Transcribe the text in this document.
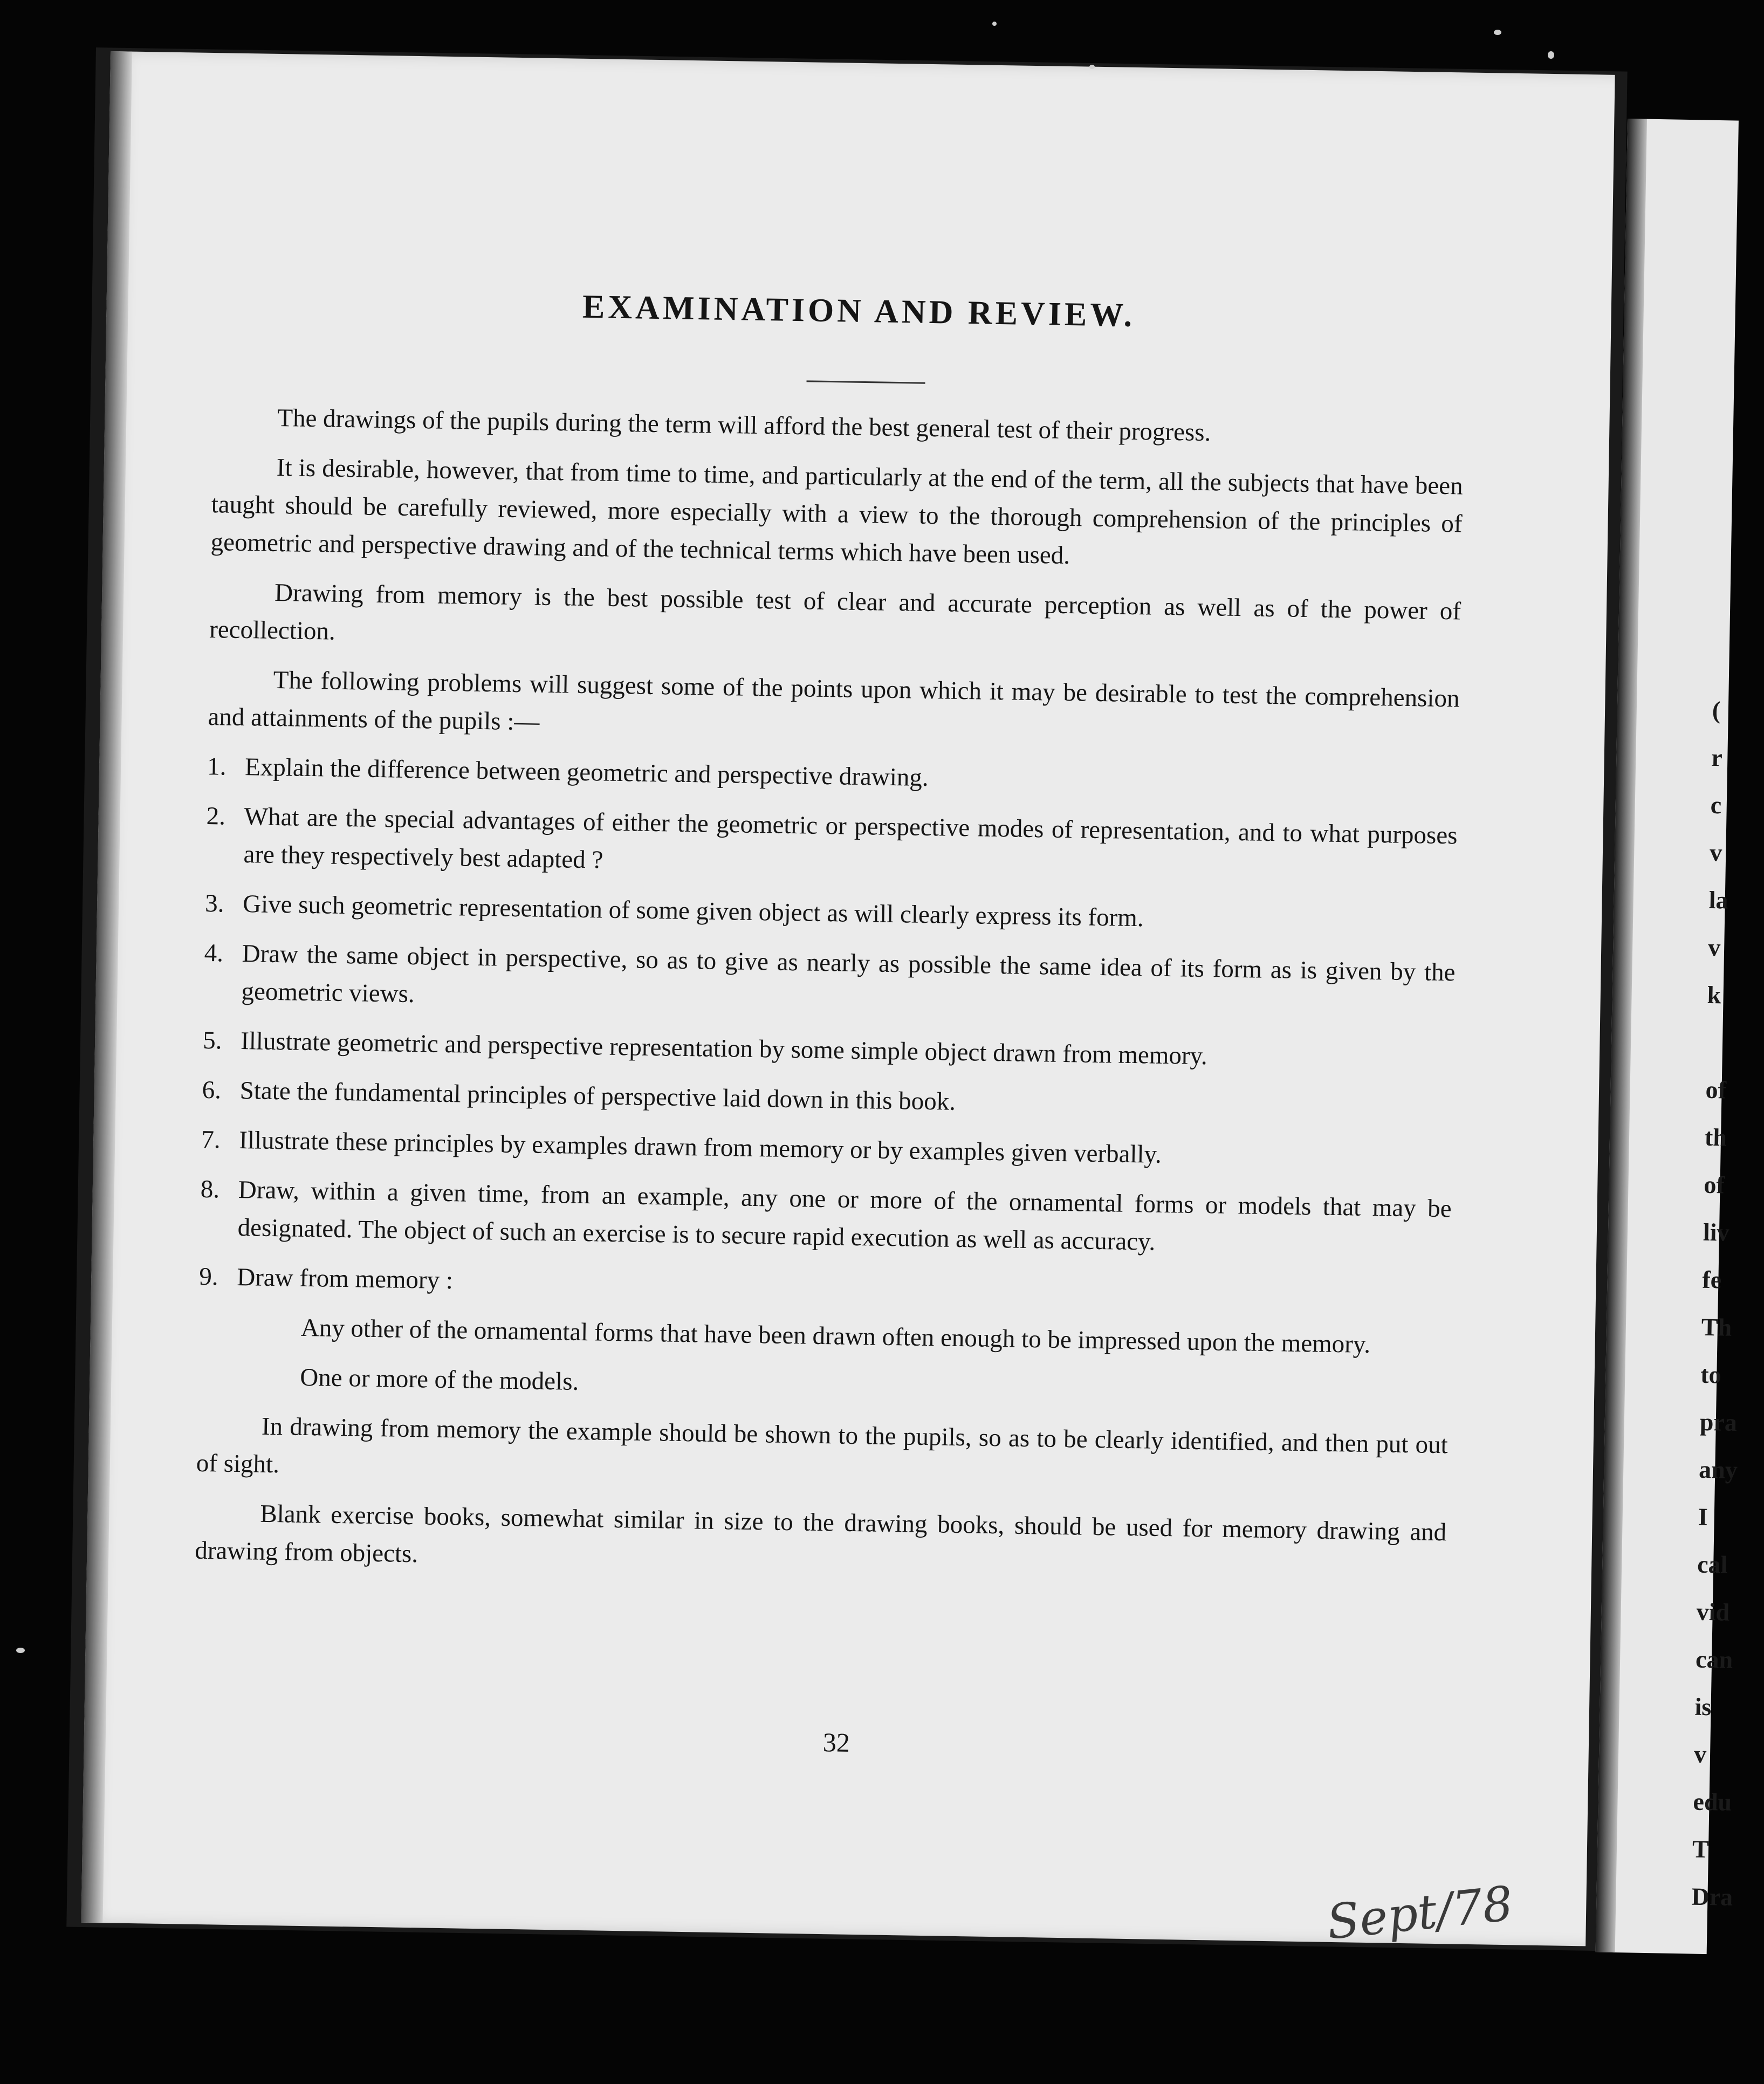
EXAMINATION AND REVIEW.

The drawings of the pupils during the term will afford the best general test of their progress.

It is desirable, however, that from time to time, and particularly at the end of the term, all the subjects that have been taught should be carefully reviewed, more especially with a view to the thorough comprehension of the principles of geometric and perspective drawing and of the technical terms which have been used.

Drawing from memory is the best possible test of clear and accurate perception as well as of the power of recollection.

The following problems will suggest some of the points upon which it may be desirable to test the comprehension and attainments of the pupils :—

1. Explain the difference between geometric and perspective drawing.
2. What are the special advantages of either the geometric or perspective modes of representation, and to what purposes are they respectively best adapted ?
3. Give such geometric representation of some given object as will clearly express its form.
4. Draw the same object in perspective, so as to give as nearly as possible the same idea of its form as is given by the geometric views.
5. Illustrate geometric and perspective representation by some simple object drawn from memory.
6. State the fundamental principles of perspective laid down in this book.
7. Illustrate these principles by examples drawn from memory or by examples given verbally.
8. Draw, within a given time, from an example, any one or more of the ornamental forms or models that may be designated. The object of such an exercise is to secure rapid execution as well as accuracy.
9. Draw from memory :
Any other of the ornamental forms that have been drawn often enough to be impressed upon the memory.
One or more of the models.

In drawing from memory the example should be shown to the pupils, so as to be clearly identified, and then put out of sight.

Blank exercise books, somewhat similar in size to the drawing books, should be used for memory drawing and drawing from objects.

32
(
r
c
v
la
v
k

of
th
of
liv
fe
Th
to
pra
any
I
cal
vid
can
is v
edu
T
Dra
Sept/78
